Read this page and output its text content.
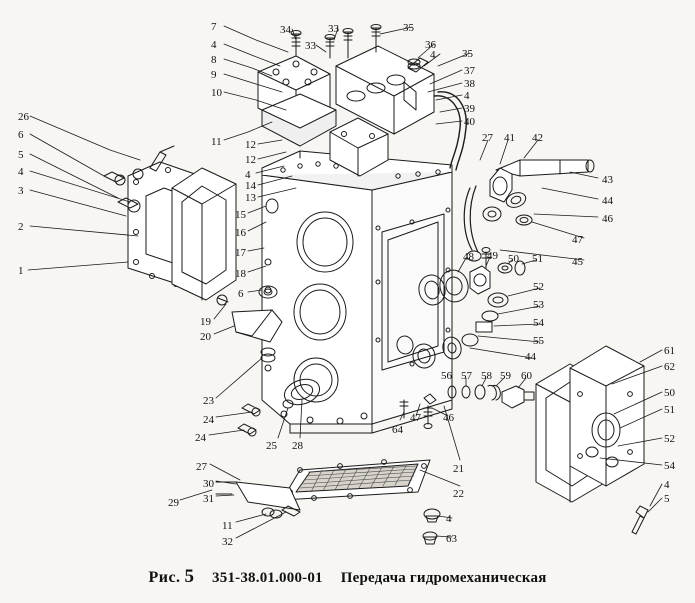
7	34	33	35
4	33	36
8	4 35
9	37
38
10	4
39
40
11	27 41 42
12
26
6
12
5
4
4
14	43
3
13	44
15	46
2	16
47
17	48 49 50 51	45
1	18
52
6
53
19	54
20	55
61
44
62
56 57 58 59 60
23
50
24	47 46
51
24
64
52
25 28
54
27	21
4
30
22	5
31
29
11
4
32	63
Рис. 5 351-38.01.000-01 Передача гидромеханическая
